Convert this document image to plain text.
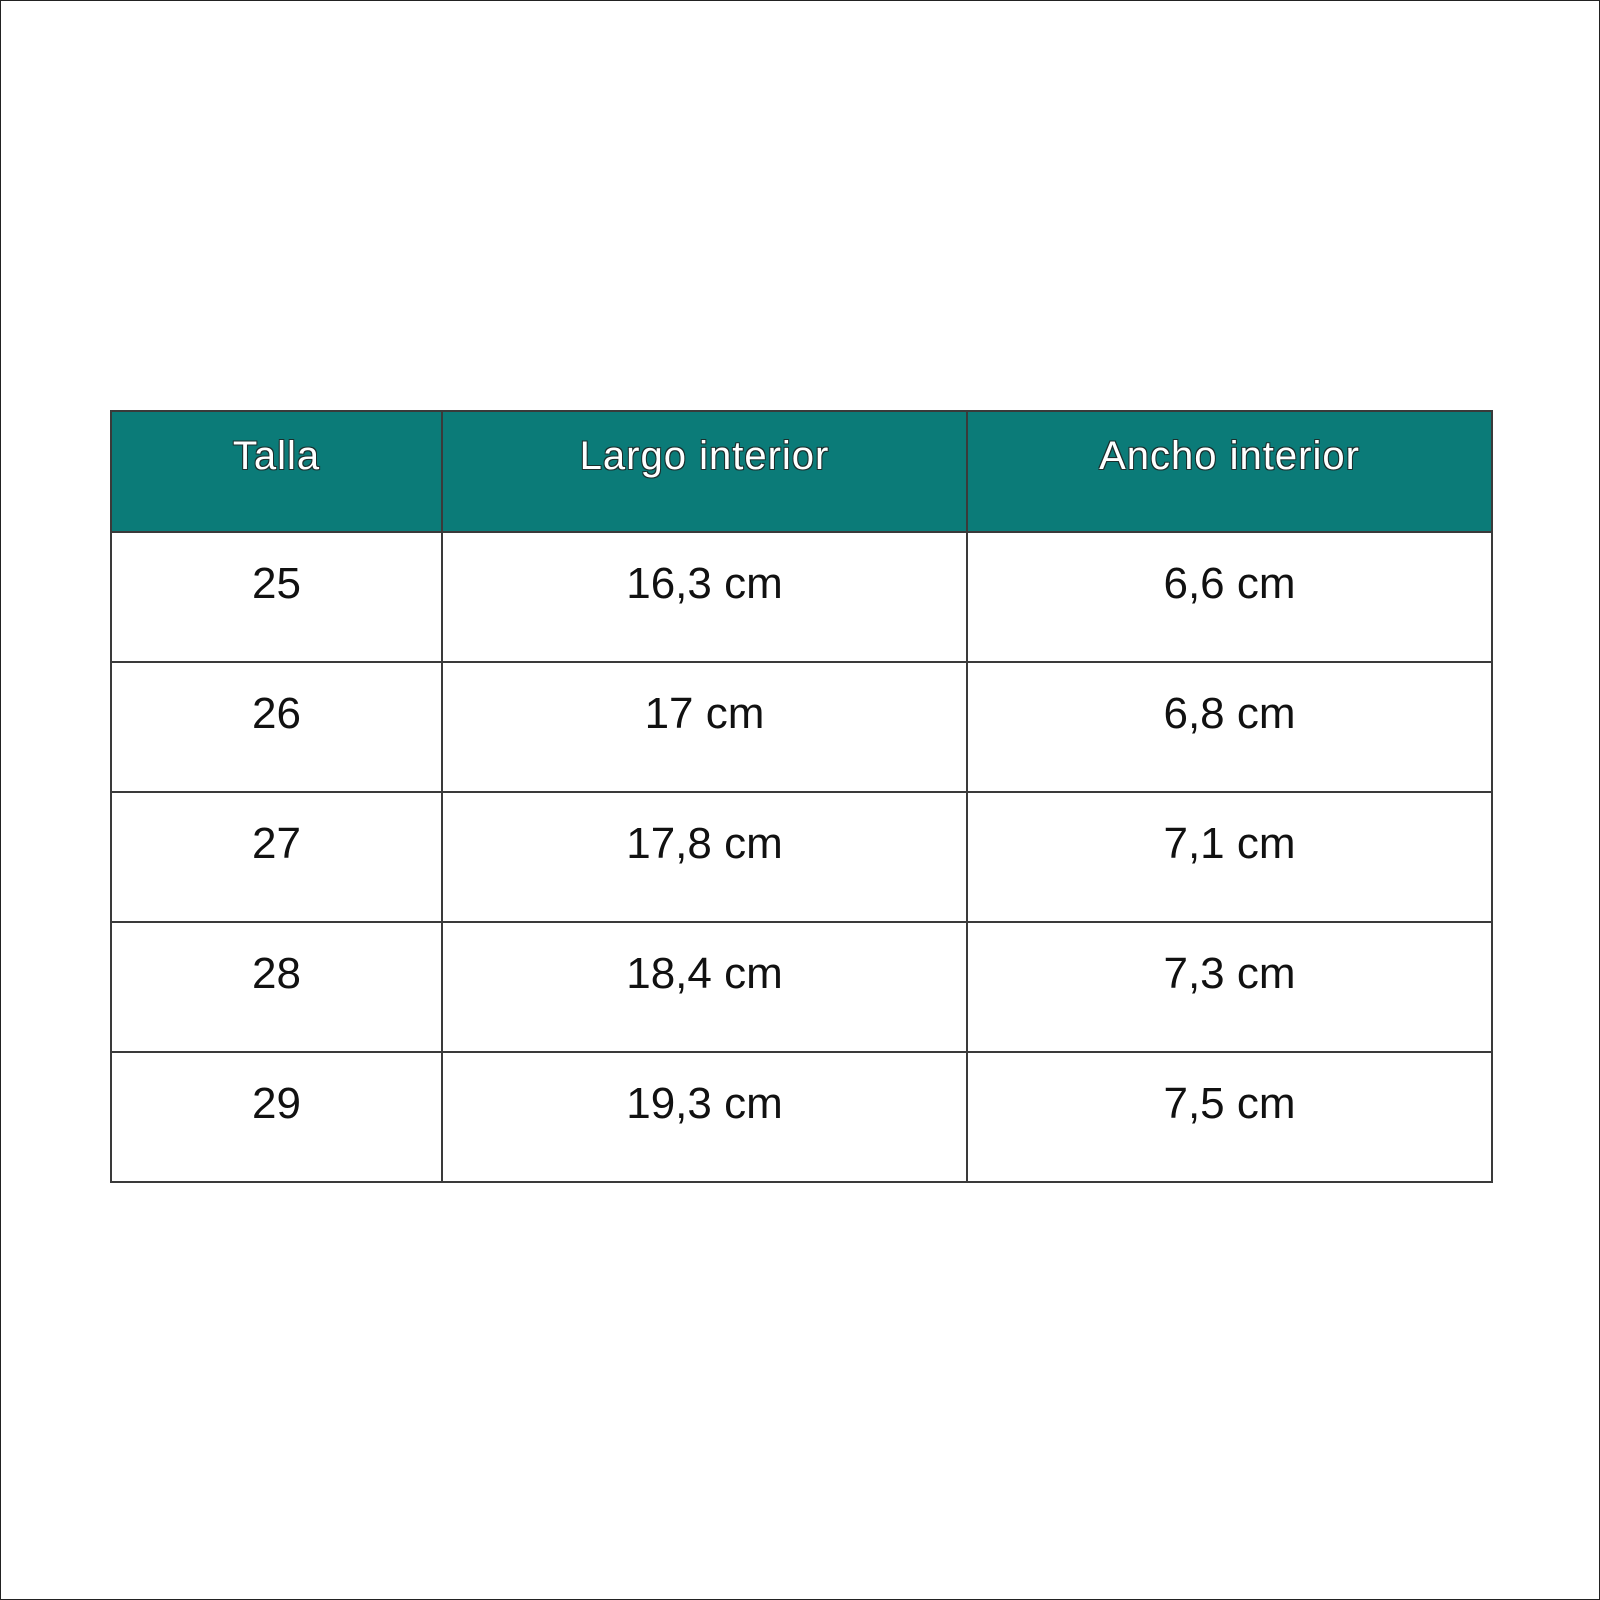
Talla	Largo interior	Ancho interior
25	16,3 cm	6,6 cm
26	17 cm	6,8 cm
27	17,8 cm	7,1 cm
28	18,4 cm	7,3 cm
29	19,3 cm	7,5 cm
